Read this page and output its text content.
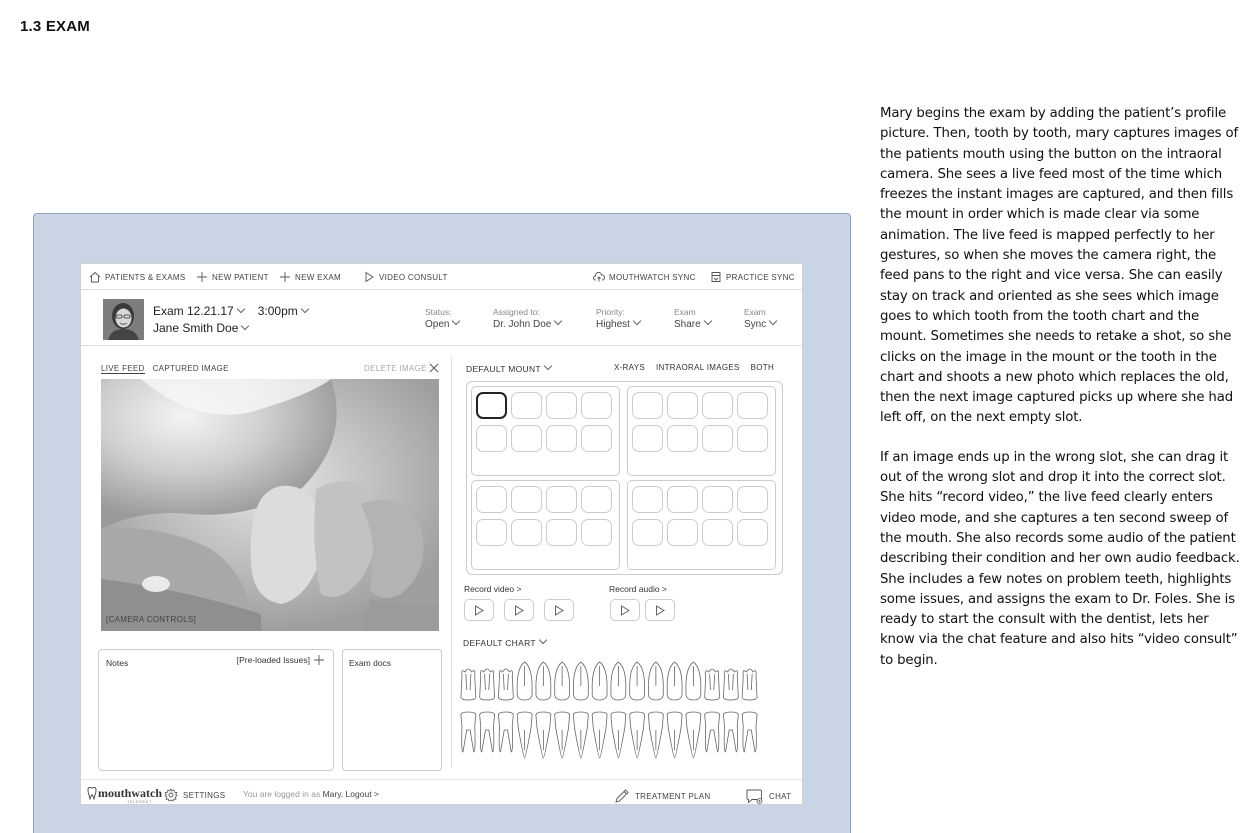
1.3 EXAM

Mary begins the exam by adding the patient’s profile picture. Then, tooth by tooth, mary captures images of the patients mouth using the button on the intraoral camera. She sees a live feed most of the time which freezes the instant images are captured, and then fills the mount in order which is made clear via some animation. The live feed is mapped perfectly to her gestures, so when she moves the camera right, the feed pans to the right and vice versa. She can easily stay on track and oriented as she sees which image goes to which tooth from the tooth chart and the mount. Sometimes she needs to retake a shot, so she clicks on the image in the mount or the tooth in the chart and shoots a new photo which replaces the old, then the next image captured picks up where she had left off, on the next empty slot.

If an image ends up in the wrong slot, she can drag it out of the wrong slot and drop it into the correct slot. She hits “record video,” the live feed clearly enters video mode, and she captures a ten second sweep of the mouth. She also records some audio of the patient describing their condition and her own audio feedback. She includes a few notes on problem teeth, highlights some issues, and assigns the exam to Dr. Foles. She is ready to start the consult with the dentist, lets her know via the chat feature and also hits “video consult” to begin.

PATIENTS & EXAMS	NEW PATIENT	NEW EXAM	VIDEO CONSULT	MOUTHWATCH SYNC	PRACTICE SYNC
Exam 12.21.17	3:00pm
Jane Smith Doe
Status:
Open
Assigned to:
Dr. John Doe
Priority:
Highest
Exam
Share
Exam
Sync
LIVE FEED CAPTURED IMAGE	DELETE IMAGE
[CAMERA CONTROLS]
Notes	[Pre-loaded Issues]	Exam docs
DEFAULT MOUNT	X-RAYS INTRAORAL IMAGES BOTH
Record video >	Record audio >
DEFAULT CHART
mouthwatch
TELEDENT
SETTINGS You are logged in as Mary. Logout >	TREATMENT PLAN	CHAT
